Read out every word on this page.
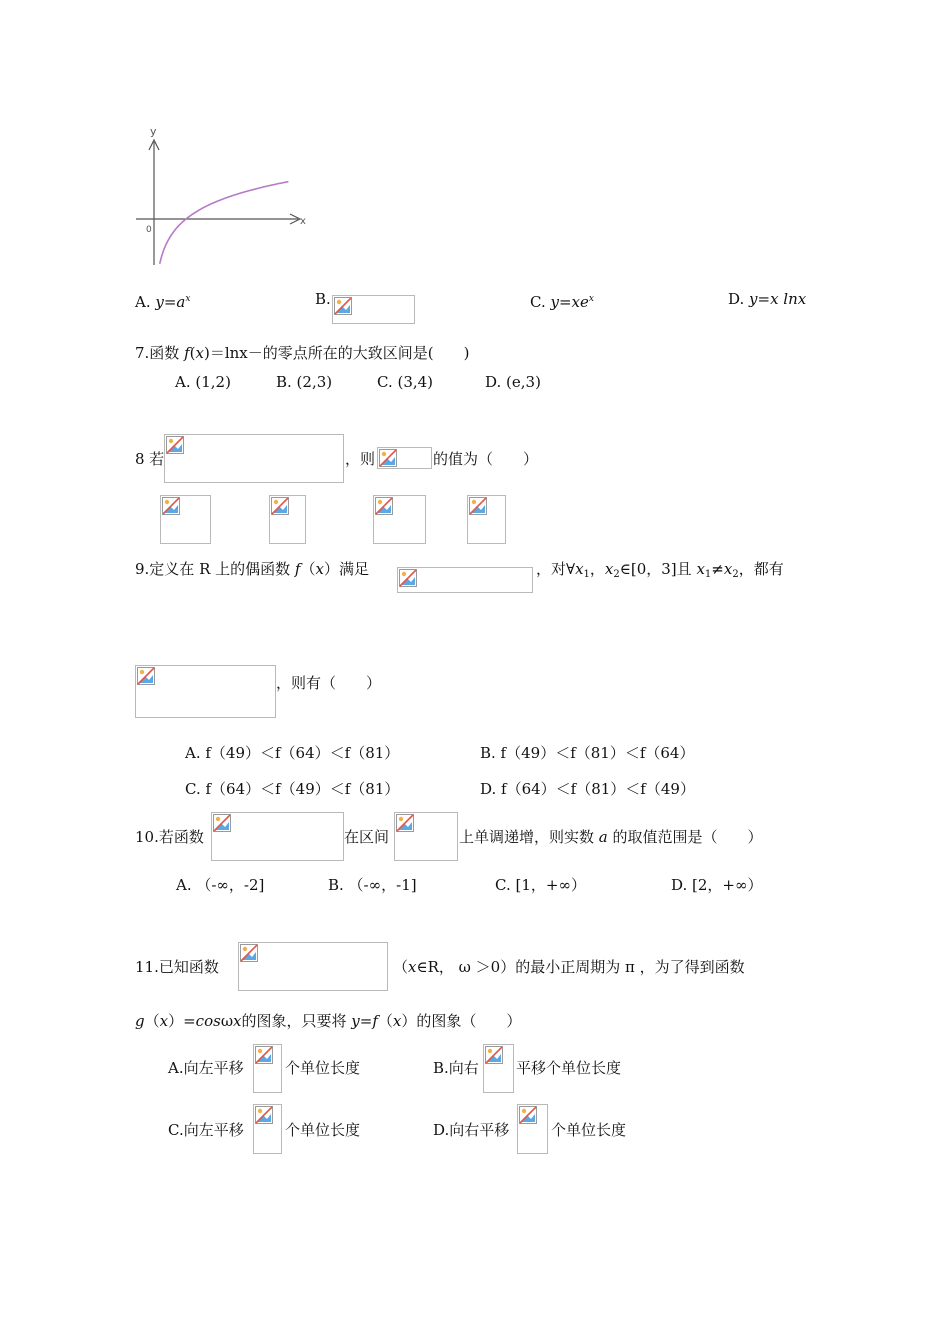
y
x
0
A. $y=a^x$	B.	C. $y=xe^x$	D. y=x lnx
7.函数 f(x)＝lnx－的零点所在的大致区间是(　　)
A. (1,2)	B. (2,3)	C. (3,4)	D. (e,3)
8 若	，则	的值为（　　）
9.定义在 R 上的偶函数 f（x）满足	，对$\forall x_1$，$x_2\in[0$，3]且 $x_1\ne x_2$，都有
，则有（　　）
A. f（49）＜f（64）＜f（81）	B. f（49）＜f（81）＜f（64）
C. f（64）＜f（49）＜f（81）	D. f（64）＜f（81）＜f（49）
10.若函数	在区间	上单调递增，则实数 a 的取值范围是（　　）
A. （-∞，-2]	B. （-∞，-1]	C. [1，+∞）	D. [2，+∞）
11.已知函数	（x∈R， ω ＞0）的最小正周期为 π ，为了得到函数
g（x）=cosωx的图象，只要将 y=f（x）的图象（　　）
A.向左平移	个单位长度	B.向右 平移个单位长度
C.向左平移	个单位长度	D.向右平移	个单位长度
